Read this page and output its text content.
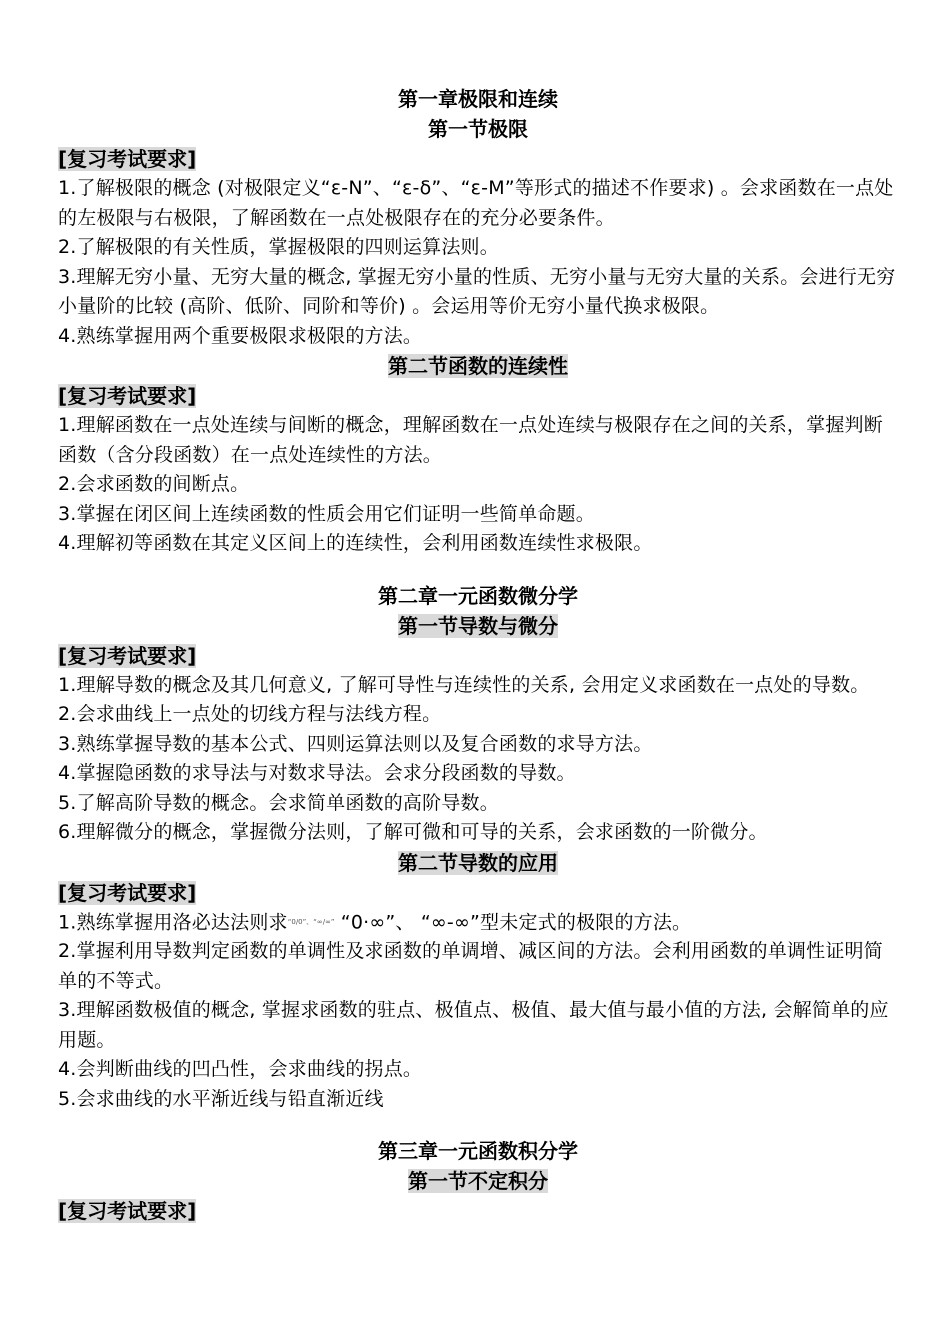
第一章极限和连续
第一节极限
[复习考试要求]
1.了解极限的概念 (对极限定义“ε-N”、“ε-δ”、“ε-M”等形式的描述不作要求) 。会求函数在一点处的左极限与右极限，了解函数在一点处极限存在的充分必要条件。
2.了解极限的有关性质，掌握极限的四则运算法则。
3.理解无穷小量、无穷大量的概念, 掌握无穷小量的性质、无穷小量与无穷大量的关系。会进行无穷小量阶的比较 (高阶、低阶、同阶和等价) 。会运用等价无穷小量代换求极限。
4.熟练掌握用两个重要极限求极限的方法。
第二节函数的连续性
[复习考试要求]
1.理解函数在一点处连续与间断的概念，理解函数在一点处连续与极限存在之间的关系，掌握判断函数（含分段函数）在一点处连续性的方法。
2.会求函数的间断点。
3.掌握在闭区间上连续函数的性质会用它们证明一些简单命题。
4.理解初等函数在其定义区间上的连续性，会利用函数连续性求极限。
第二章一元函数微分学
第一节导数与微分
[复习考试要求]
1.理解导数的概念及其几何意义, 了解可导性与连续性的关系, 会用定义求函数在一点处的导数。
2.会求曲线上一点处的切线方程与法线方程。
3.熟练掌握导数的基本公式、四则运算法则以及复合函数的求导方法。
4.掌握隐函数的求导法与对数求导法。会求分段函数的导数。
5.了解高阶导数的概念。会求简单函数的高阶导数。
6.理解微分的概念，掌握微分法则，了解可微和可导的关系，会求函数的一阶微分。
第二节导数的应用
[复习考试要求]
1.熟练掌握用洛必达法则求“0/0”、“∞/∞” “0·∞”、 “∞-∞”型未定式的极限的方法。
2.掌握利用导数判定函数的单调性及求函数的单调增、减区间的方法。会利用函数的单调性证明简单的不等式。
3.理解函数极值的概念, 掌握求函数的驻点、极值点、极值、最大值与最小值的方法, 会解简单的应用题。
4.会判断曲线的凹凸性，会求曲线的拐点。
5.会求曲线的水平渐近线与铅直渐近线
第三章一元函数积分学
第一节不定积分
[复习考试要求]
